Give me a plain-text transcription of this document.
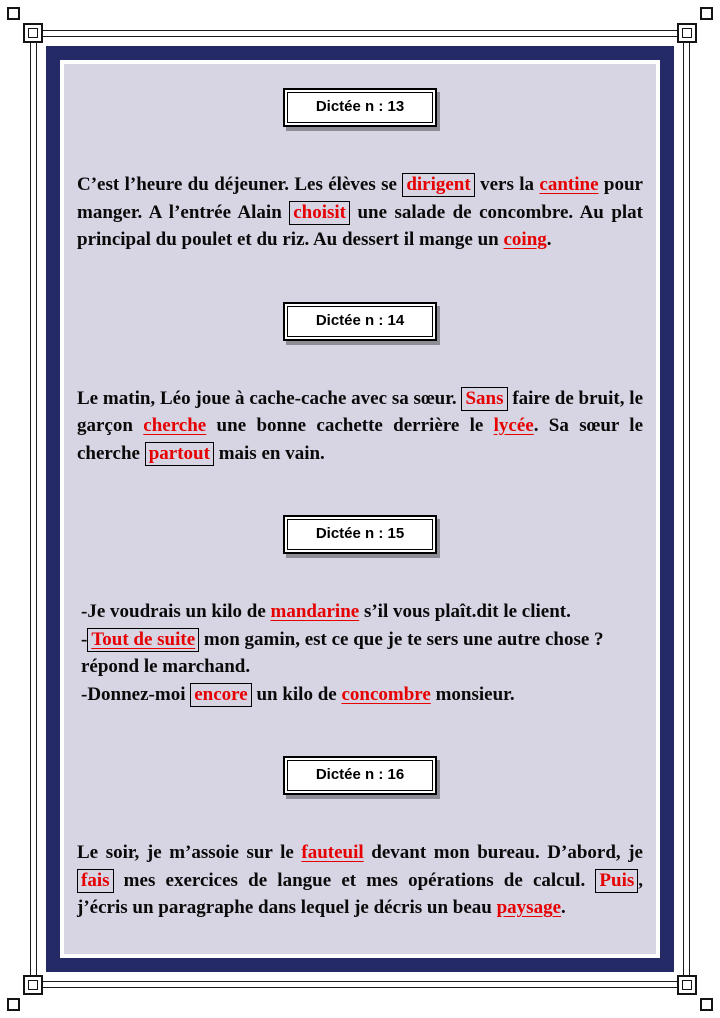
Dictée n : 13

C’est l’heure du déjeuner. Les élèves se dirigent vers la cantine pour manger. A l’entrée Alain choisit une salade de concombre. Au plat principal du poulet et du riz. Au dessert il mange un coing.

Dictée n : 14

Le matin, Léo joue à cache-cache avec sa sœur. Sans faire de bruit, le garçon cherche une bonne cachette derrière le lycée. Sa sœur le cherche partout mais en vain.

Dictée n : 15

-Je voudrais un kilo de mandarine s’il vous plaît.dit le client.

- Tout de suite mon gamin, est ce que je te sers une autre chose ? répond le marchand.

-Donnez-moi encore un kilo de concombre monsieur.

Dictée n : 16

Le soir, je m’assoie sur le fauteuil devant mon bureau. D’abord, je fais mes exercices de langue et mes opérations de calcul. Puis , j’écris un paragraphe dans lequel je décris un beau paysage.
